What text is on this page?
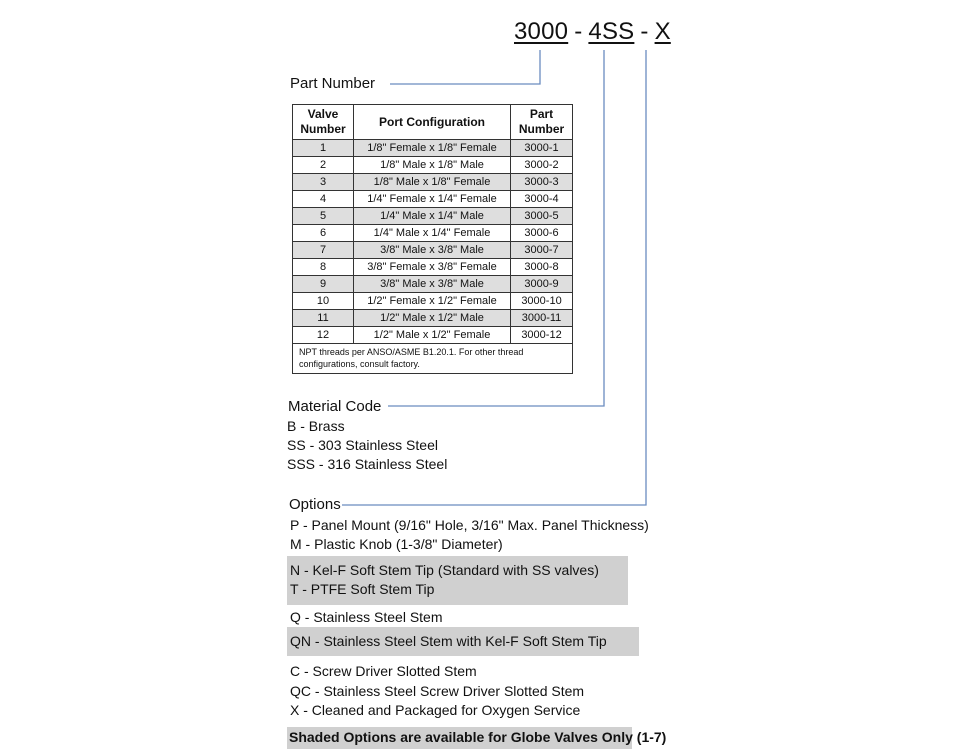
3000 - 4SS - X
Part Number
Valve
Number	Port Configuration	Part
Number
1	1/8" Female x 1/8" Female	3000-1
2	1/8" Male x 1/8" Male	3000-2
3	1/8" Male x 1/8" Female	3000-3
4	1/4" Female x 1/4" Female	3000-4
5	1/4" Male x 1/4" Male	3000-5
6	1/4" Male x 1/4" Female	3000-6
7	3/8" Male x 3/8" Male	3000-7
8	3/8" Female x 3/8" Female	3000-8
9	3/8" Male x 3/8" Male	3000-9
10	1/2" Female x 1/2" Female	3000-10
11	1/2" Male x 1/2" Male	3000-11
12	1/2" Male x 1/2" Female	3000-12
NPT threads per ANSO/ASME B1.20.1. For other thread configurations, consult factory.		
Material Code
B - Brass
SS - 303 Stainless Steel
SSS - 316 Stainless Steel
Options
P - Panel Mount (9/16" Hole, 3/16" Max. Panel Thickness)
M - Plastic Knob (1-3/8" Diameter)
N - Kel-F Soft Stem Tip (Standard with SS valves)
T - PTFE Soft Stem Tip
Q - Stainless Steel Stem
QN - Stainless Steel Stem with Kel-F Soft Stem Tip
C - Screw Driver Slotted Stem
QC - Stainless Steel Screw Driver Slotted Stem
X - Cleaned and Packaged for Oxygen Service
Shaded Options are available for Globe Valves Only (1-7)
